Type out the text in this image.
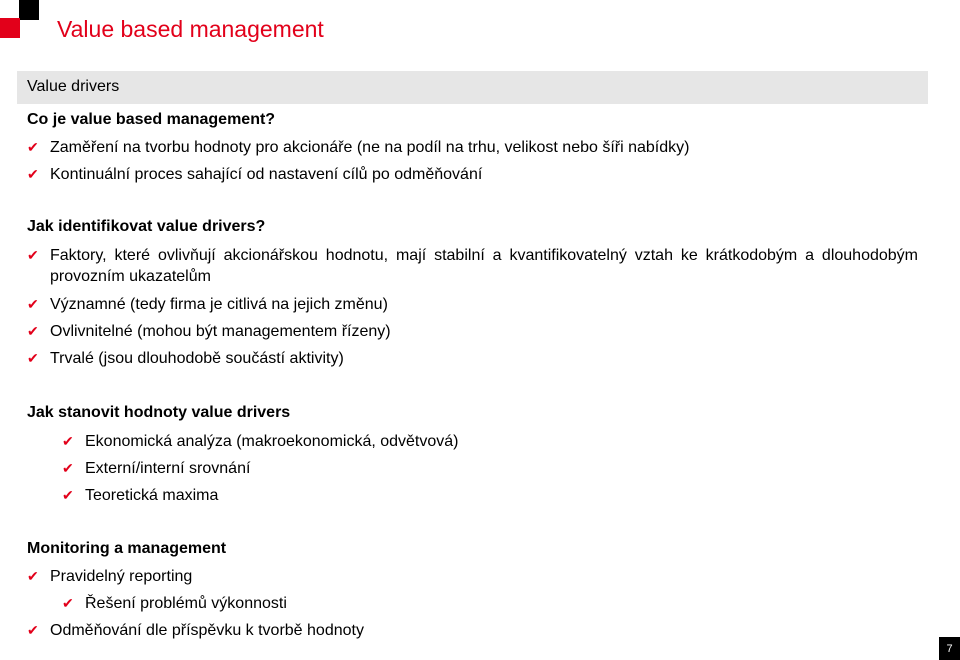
Value based management
Value drivers
Co je value based management?
✔ Zaměření na tvorbu hodnoty pro akcionáře (ne na podíl na trhu, velikost nebo šíři nabídky)
✔ Kontinuální proces sahající od nastavení cílů po odměňování
Jak identifikovat value drivers?
✔ Faktory, které ovlivňují akcionářskou hodnotu, mají stabilní a kvantifikovatelný vztah ke krátkodobým a dlouhodobým provozním ukazatelům
✔ Významné (tedy firma je citlivá na jejich změnu)
✔ Ovlivnitelné (mohou být managementem řízeny)
✔ Trvalé (jsou dlouhodobě součástí aktivity)
Jak stanovit hodnoty value drivers
✔ Ekonomická analýza (makroekonomická, odvětvová)
✔ Externí/interní srovnání
✔ Teoretická maxima
Monitoring a management
✔ Pravidelný reporting
✔ Řešení problémů výkonnosti
✔ Odměňování dle příspěvku k tvorbě hodnoty
7
